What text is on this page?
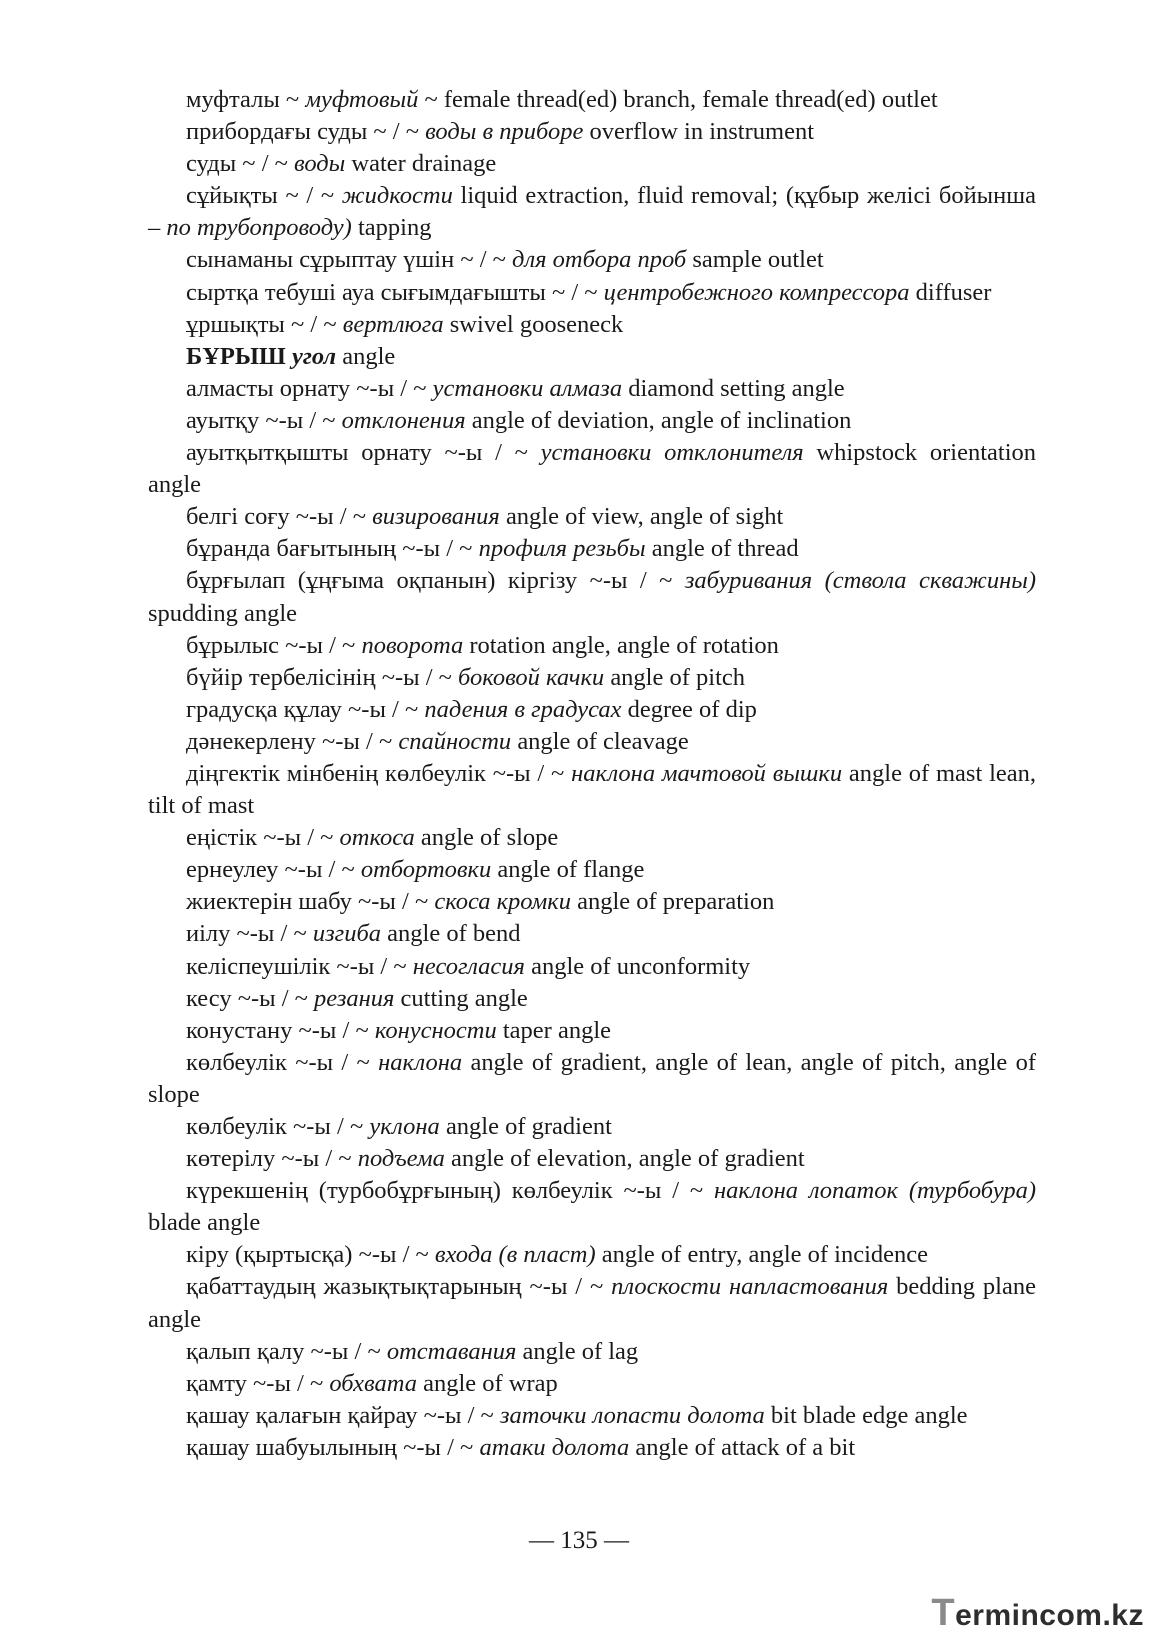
муфталы ~ муфтовый ~ female thread(ed) branch, female thread(ed) outlet
прибордағы суды ~ / ~ воды в приборе overflow in instrument
суды ~ / ~ воды water drainage
сұйықты ~ / ~ жидкости liquid extraction, fluid removal; (құбыр желісі бойынша – по трубопроводу) tapping
сынаманы сұрыптау үшін ~ / ~ для отбора проб sample outlet
сыртқа тебуші ауа сығымдағышты ~ / ~ центробежного компрессора diffuser
ұршықты ~ / ~ вертлюга swivel gooseneck
БҰРЫШ угол angle
алмасты орнату ~-ы / ~ установки алмаза diamond setting angle
ауытқу ~-ы / ~ отклонения angle of deviation, angle of inclination
ауытқытқышты орнату ~-ы / ~ установки отклонителя whipstock orientation angle
белгі соғу ~-ы / ~ визирования angle of view, angle of sight
бұранда бағытының ~-ы / ~ профиля резьбы angle of thread
бұрғылап (ұңғыма оқпанын) кіргізу ~-ы / ~ забуривания (ствола скважины) spudding angle
бұрылыс ~-ы / ~ поворота rotation angle, angle of rotation
бүйір тербелісінің ~-ы / ~ боковой качки angle of pitch
градусқа құлау ~-ы / ~ падения в градусах degree of dip
дәнекерлену ~-ы / ~ спайности angle of cleavage
діңгектік мінбенің көлбеулік ~-ы / ~ наклона мачтовой вышки angle of mast lean, tilt of mast
еңістік ~-ы / ~ откоса angle of slope
ернеулеу ~-ы / ~ отбортовки angle of flange
жиектерін шабу ~-ы / ~ скоса кромки angle of preparation
иілу ~-ы / ~ изгиба angle of bend
келіспеушілік ~-ы / ~ несогласия angle of unconformity
кесу ~-ы / ~ резания cutting angle
конустану ~-ы / ~ конусности taper angle
көлбеулік ~-ы / ~ наклона angle of gradient, angle of lean, angle of pitch, angle of slope
көлбеулік ~-ы / ~ уклона angle of gradient
көтерілу ~-ы / ~ подъема angle of elevation, angle of gradient
күрекшенің (турбобұрғының) көлбеулік ~-ы / ~ наклона лопаток (турбобура) blade angle
кіру (қыртысқа) ~-ы / ~ входа (в пласт) angle of entry, angle of incidence
қабаттаудың жазықтықтарының ~-ы / ~ плоскости напластования bedding plane angle
қалып қалу ~-ы / ~ отставания angle of lag
қамту ~-ы / ~ обхвата angle of wrap
қашау қалағын қайрау ~-ы / ~ заточки лопасти долота bit blade edge angle
қашау шабуылының ~-ы / ~ атаки долота angle of attack of a bit
— 135 —
Termincom.kz
